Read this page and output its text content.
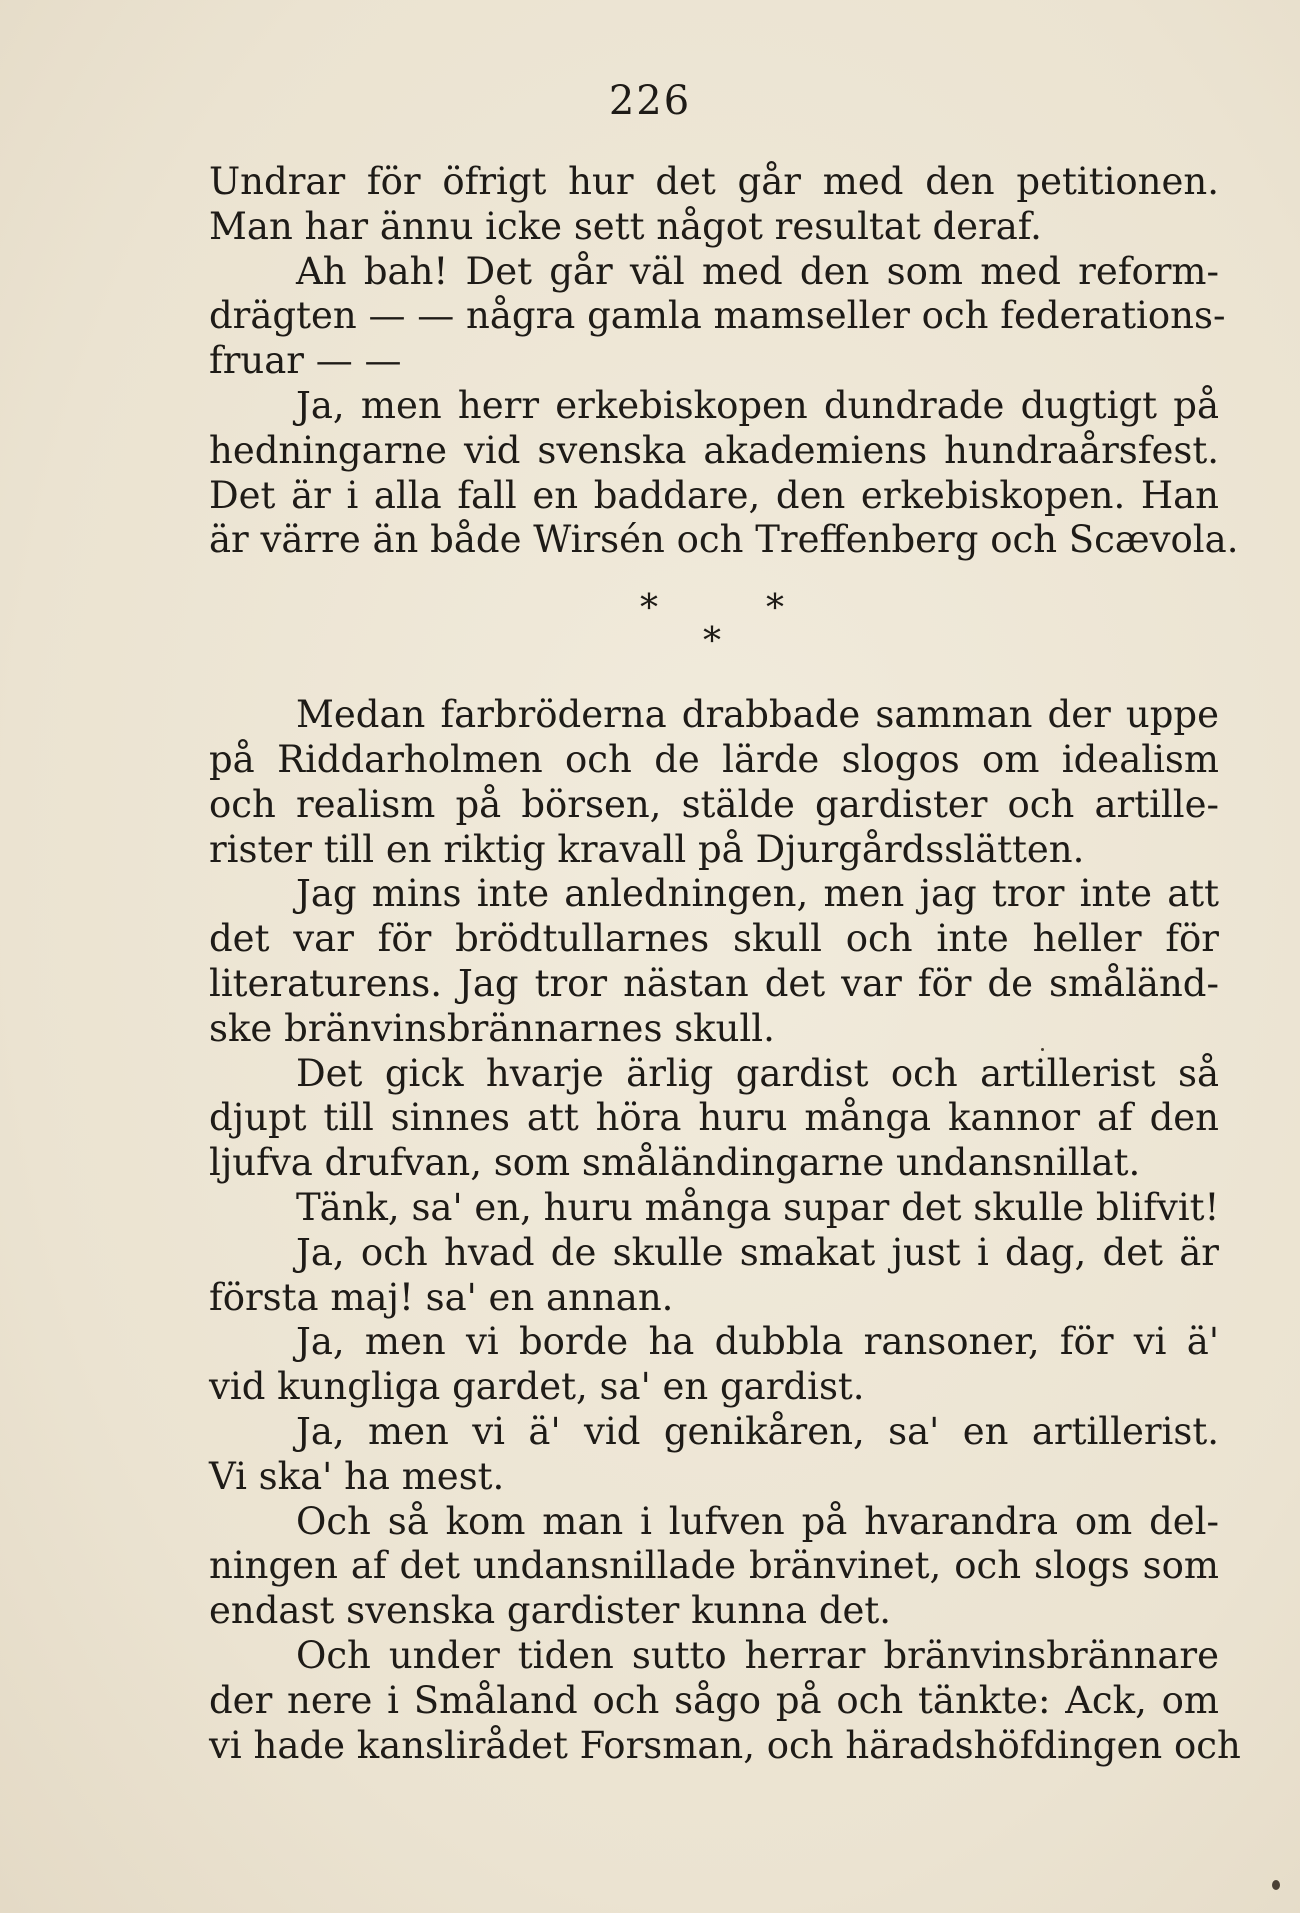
226
Undrar för öfrigt hur det går med den petitionen.
Man har ännu icke sett något resultat deraf.
Ah bah! Det går väl med den som med reform-
drägten — — några gamla mamseller och federations-
fruar — —
Ja, men herr erkebiskopen dundrade dugtigt på
hedningarne vid svenska akademiens hundraårsfest.
Det är i alla fall en baddare, den erkebiskopen. Han
är värre än både Wirsén och Treffenberg och Scævola.
*	*
*
Medan farbröderna drabbade samman der uppe
på Riddarholmen och de lärde slogos om idealism
och realism på börsen, stälde gardister och artille-
rister till en riktig kravall på Djurgårdsslätten.
Jag mins inte anledningen, men jag tror inte att
det var för brödtullarnes skull och inte heller för
literaturens. Jag tror nästan det var för de småländ-
ske bränvinsbrännarnes skull.
Det gick hvarje ärlig gardist och artillerist så
djupt till sinnes att höra huru många kannor af den
ljufva drufvan, som småländingarne undansnillat.
Tänk, sa' en, huru många supar det skulle blifvit!
Ja, och hvad de skulle smakat just i dag, det är
första maj! sa' en annan.
Ja, men vi borde ha dubbla ransoner, för vi ä'
vid kungliga gardet, sa' en gardist.
Ja, men vi ä' vid genikåren, sa' en artillerist.
Vi ska' ha mest.
Och så kom man i lufven på hvarandra om del-
ningen af det undansnillade bränvinet, och slogs som
endast svenska gardister kunna det.
Och under tiden sutto herrar bränvinsbrännare
der nere i Småland och sågo på och tänkte: Ack, om
vi hade kanslirådet Forsman, och häradshöfdingen och
